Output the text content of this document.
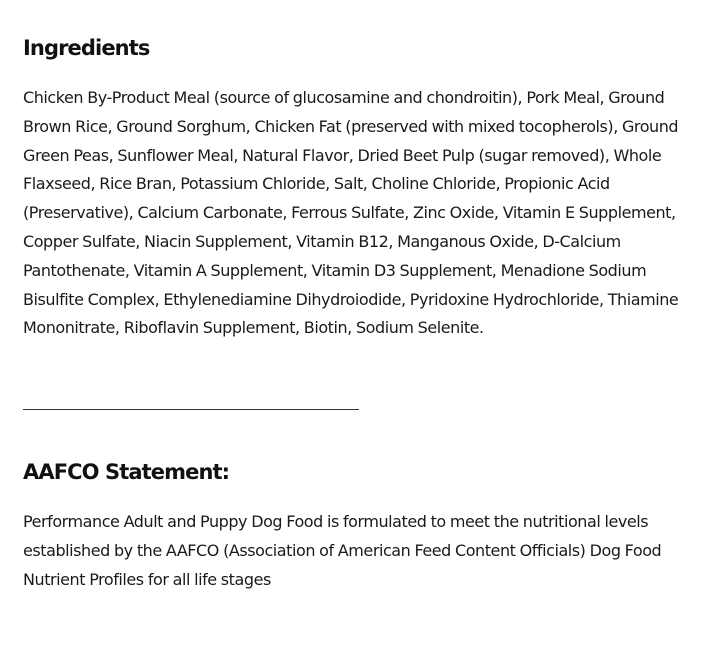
Ingredients

Chicken By-Product Meal (source of glucosamine and chondroitin), Pork Meal, Ground Brown Rice, Ground Sorghum, Chicken Fat (preserved with mixed tocopherols), Ground Green Peas, Sunflower Meal, Natural Flavor, Dried Beet Pulp (sugar removed), Whole Flaxseed, Rice Bran, Potassium Chloride, Salt, Choline Chloride, Propionic Acid (Preservative), Calcium Carbonate, Ferrous Sulfate, Zinc Oxide, Vitamin E Supplement, Copper Sulfate, Niacin Supplement, Vitamin B12, Manganous Oxide, D-Calcium Pantothenate, Vitamin A Supplement, Vitamin D3 Supplement, Menadione Sodium Bisulfite Complex, Ethylenediamine Dihydroiodide, Pyridoxine Hydrochloride, Thiamine Mononitrate, Riboflavin Supplement, Biotin, Sodium Selenite.

AAFCO Statement:

Performance Adult and Puppy Dog Food is formulated to meet the nutritional levels established by the AAFCO (Association of American Feed Content Officials) Dog Food Nutrient Profiles for all life stages
